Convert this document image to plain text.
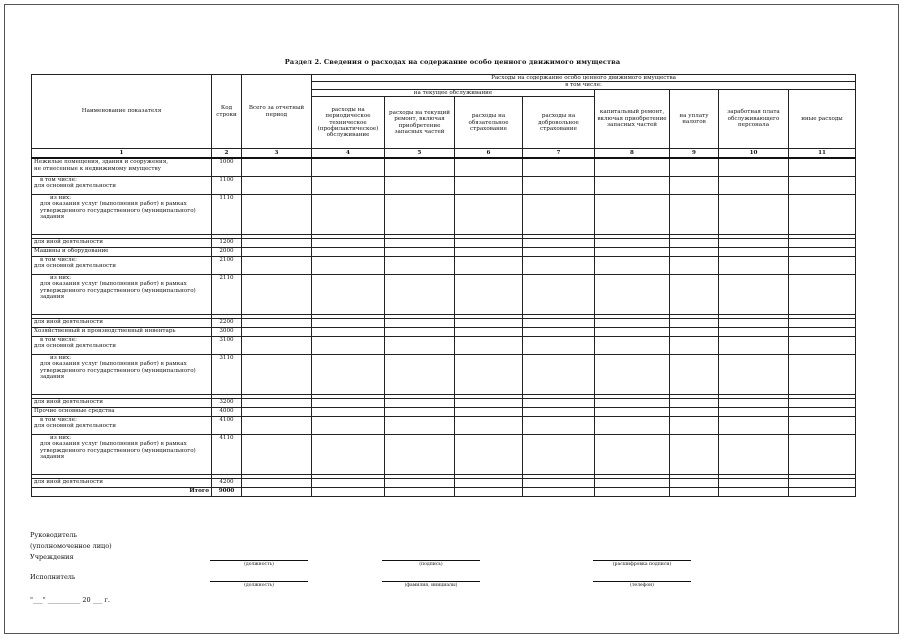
Раздел 2. Сведения о расходах на содержание особо ценного движимого имущества
Наименование показателя	Код строки	Всего за отчетный период	Расходы на содержание особо ценного движимого имущества							
			в том числе:							
			на текущее обслуживание				капитальный ремонт, включая приобретение запасных частей	на уплату налогов	заработная плата обслуживающего персонала	иные расходы
			расходы на периодическое техническое (профилактическое) обслуживание	расходы на текущий ремонт, включая приобретение запасных частей	расходы на обязательное страхование	расходы на добровольное страхование				
1	2	3	4	5	6	7	8	9	10	11

Нежилые помещения, здания и сооружения,
не отнесенные к недвижимому имуществу	1000									

в том числе:
для основной деятельности	1100									

из них:
для оказания услуг (выполнения работ) в рамках
утвержденного государственного (муниципального)
задания	1110									

для иной деятельности	1200									

Машины и оборудование	2000									

в том числе:
для основной деятельности	2100									

из них:
для оказания услуг (выполнения работ) в рамках
утвержденного государственного (муниципального)
задания	2110									

для иной деятельности	2200									

Хозяйственный и производственный инвентарь	3000									

в том числе:
для основной деятельности	3100									

из них:
для оказания услуг (выполнения работ) в рамках
утвержденного государственного (муниципального)
задания	3110									

для иной деятельности	3200									

Прочие основные средства	4000									

в том числе:
для основной деятельности	4100									

из них:
для оказания услуг (выполнения работ) в рамках
утвержденного государственного (муниципального)
задания	4110									

для иной деятельности	4200									
Итого	9000									
Руководитель
(уполномоченное лицо)
Учреждения
(должность)	(подпись)	(расшифровка подписи)
Исполнитель
(должность)	(фамилия, инициалы)	(телефон)
"___" __________ 20 ___ г.
